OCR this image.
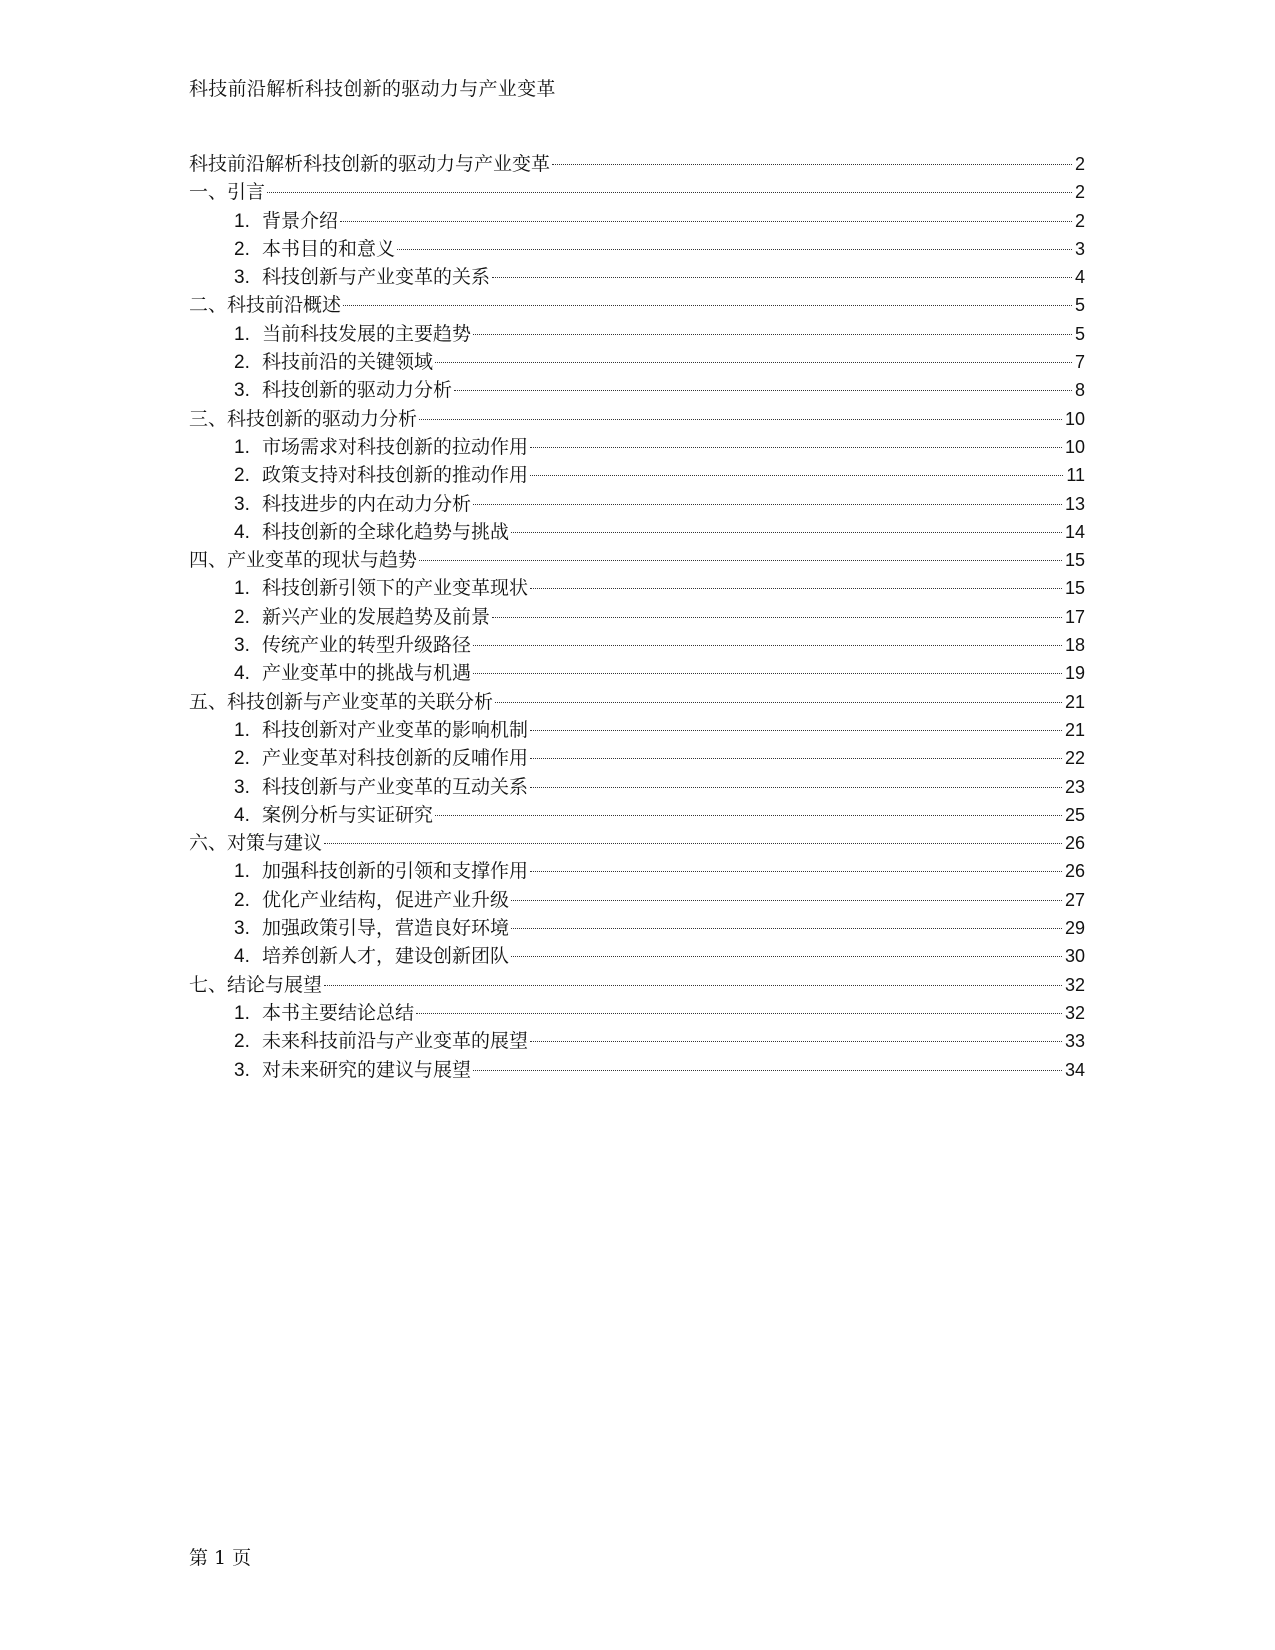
科技前沿解析科技创新的驱动力与产业变革
科技前沿解析科技创新的驱动力与产业变革	2
一、引言	2
1. 背景介绍	2
2. 本书目的和意义	3
3. 科技创新与产业变革的关系	4
二、科技前沿概述	5
1. 当前科技发展的主要趋势	5
2. 科技前沿的关键领域	7
3. 科技创新的驱动力分析	8
三、科技创新的驱动力分析	10
1. 市场需求对科技创新的拉动作用	10
2. 政策支持对科技创新的推动作用	11
3. 科技进步的内在动力分析	13
4. 科技创新的全球化趋势与挑战	14
四、产业变革的现状与趋势	15
1. 科技创新引领下的产业变革现状	15
2. 新兴产业的发展趋势及前景	17
3. 传统产业的转型升级路径	18
4. 产业变革中的挑战与机遇	19
五、科技创新与产业变革的关联分析	21
1. 科技创新对产业变革的影响机制	21
2. 产业变革对科技创新的反哺作用	22
3. 科技创新与产业变革的互动关系	23
4. 案例分析与实证研究	25
六、对策与建议	26
1. 加强科技创新的引领和支撑作用	26
2. 优化产业结构，促进产业升级	27
3. 加强政策引导，营造良好环境	29
4. 培养创新人才，建设创新团队	30
七、结论与展望	32
1. 本书主要结论总结	32
2. 未来科技前沿与产业变革的展望	33
3. 对未来研究的建议与展望	34
第 1 页
